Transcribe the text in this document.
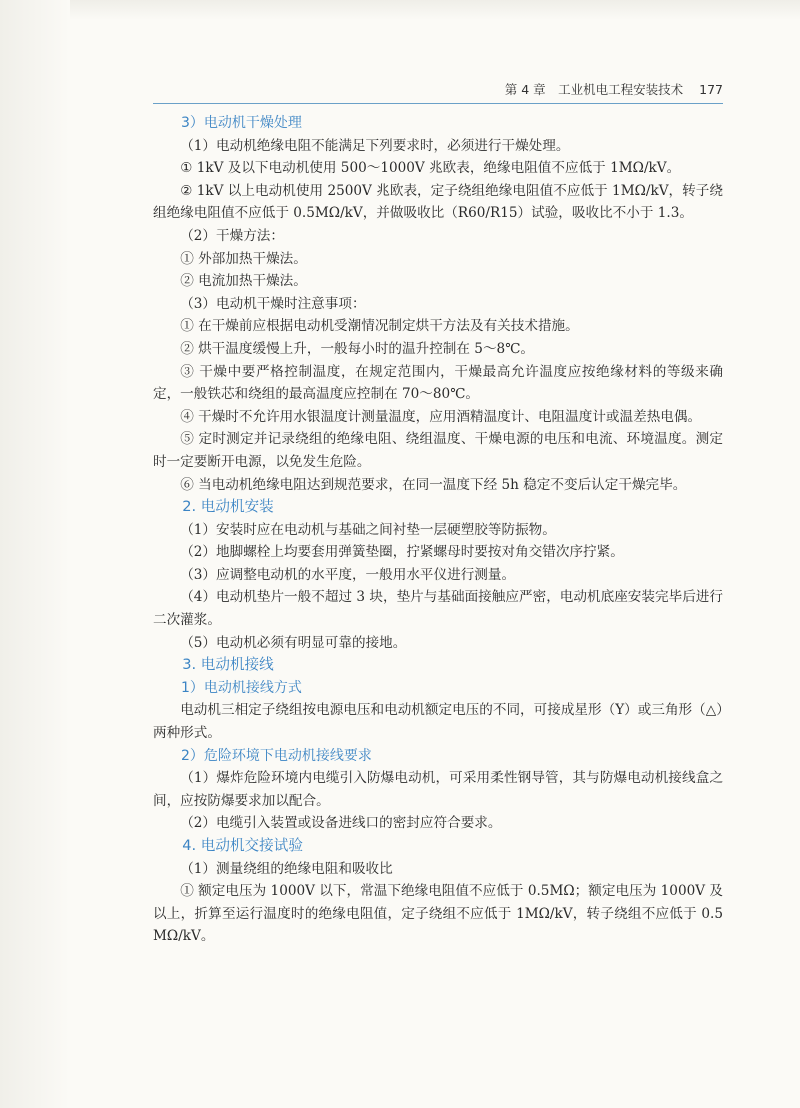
第 4 章　工业机电工程安装技术 177

3）电动机干燥处理

（1）电动机绝缘电阻不能满足下列要求时，必须进行干燥处理。

① 1kV 及以下电动机使用 500～1000V 兆欧表，绝缘电阻值不应低于 1MΩ/kV。

② 1kV 以上电动机使用 2500V 兆欧表，定子绕组绝缘电阻值不应低于 1MΩ/kV，转子绕组绝缘电阻值不应低于 0.5MΩ/kV，并做吸收比（R60/R15）试验，吸收比不小于 1.3。

（2）干燥方法：

① 外部加热干燥法。

② 电流加热干燥法。

（3）电动机干燥时注意事项：

① 在干燥前应根据电动机受潮情况制定烘干方法及有关技术措施。

② 烘干温度缓慢上升，一般每小时的温升控制在 5～8℃。

③ 干燥中要严格控制温度，在规定范围内，干燥最高允许温度应按绝缘材料的等级来确定，一般铁芯和绕组的最高温度应控制在 70～80℃。

④ 干燥时不允许用水银温度计测量温度，应用酒精温度计、电阻温度计或温差热电偶。

⑤ 定时测定并记录绕组的绝缘电阻、绕组温度、干燥电源的电压和电流、环境温度。测定时一定要断开电源，以免发生危险。

⑥ 当电动机绝缘电阻达到规范要求，在同一温度下经 5h 稳定不变后认定干燥完毕。

2. 电动机安装

（1）安装时应在电动机与基础之间衬垫一层硬塑胶等防振物。

（2）地脚螺栓上均要套用弹簧垫圈，拧紧螺母时要按对角交错次序拧紧。

（3）应调整电动机的水平度，一般用水平仪进行测量。

（4）电动机垫片一般不超过 3 块，垫片与基础面接触应严密，电动机底座安装完毕后进行二次灌浆。

（5）电动机必须有明显可靠的接地。

3. 电动机接线

1）电动机接线方式

电动机三相定子绕组按电源电压和电动机额定电压的不同，可接成星形（Y）或三角形（△）两种形式。

2）危险环境下电动机接线要求

（1）爆炸危险环境内电缆引入防爆电动机，可采用柔性钢导管，其与防爆电动机接线盒之间，应按防爆要求加以配合。

（2）电缆引入装置或设备进线口的密封应符合要求。

4. 电动机交接试验

（1）测量绕组的绝缘电阻和吸收比

① 额定电压为 1000V 以下，常温下绝缘电阻值不应低于 0.5MΩ；额定电压为 1000V 及以上，折算至运行温度时的绝缘电阻值，定子绕组不应低于 1MΩ/kV，转子绕组不应低于 0.5MΩ/kV。
